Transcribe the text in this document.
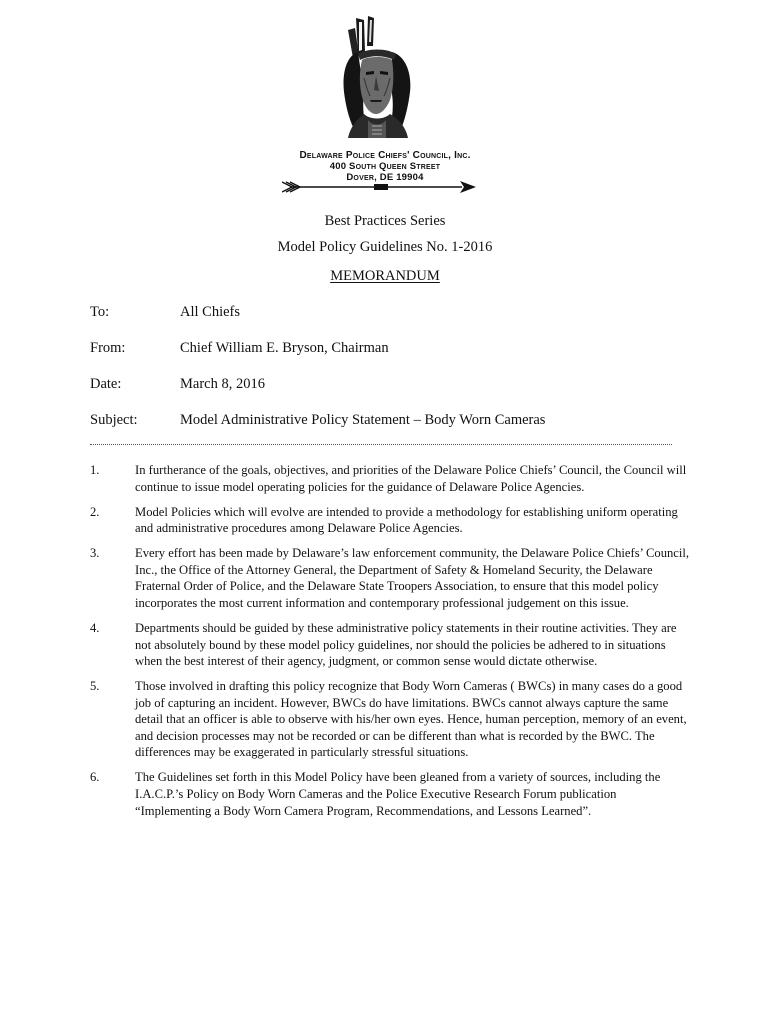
Delaware Police Chiefs' Council, Inc.
400 South Queen Street
Dover, DE 19904
Best Practices Series
Model Policy Guidelines No. 1-2016
MEMORANDUM
To:	All Chiefs
From:	Chief William E. Bryson, Chairman
Date:	March 8, 2016
Subject:	Model Administrative Policy Statement – Body Worn Cameras
1.	In furtherance of the goals, objectives, and priorities of the Delaware Police Chiefs’ Council, the Council will continue to issue model operating policies for the guidance of Delaware Police Agencies.
2.	Model Policies which will evolve are intended to provide a methodology for establishing uniform operating and administrative procedures among Delaware Police Agencies.
3.	Every effort has been made by Delaware’s law enforcement community, the Delaware Police Chiefs’ Council, Inc., the Office of the Attorney General, the Department of Safety & Homeland Security, the Delaware Fraternal Order of Police, and the Delaware State Troopers Association, to ensure that this model policy incorporates the most current information and contemporary professional judgement on this issue.
4.	Departments should be guided by these administrative policy statements in their routine activities. They are not absolutely bound by these model policy guidelines, nor should the policies be adhered to in situations when the best interest of their agency, judgment, or common sense would dictate otherwise.
5.	Those involved in drafting this policy recognize that Body Worn Cameras ( BWCs) in many cases do a good job of capturing an incident. However, BWCs do have limitations. BWCs cannot always capture the same detail that an officer is able to observe with his/her own eyes. Hence, human perception, memory of an event, and decision processes may not be recorded or can be different than what is recorded by the BWC. The differences may be exaggerated in particularly stressful situations.
6.	The Guidelines set forth in this Model Policy have been gleaned from a variety of sources, including the I.A.C.P.’s Policy on Body Worn Cameras and the Police Executive Research Forum publication “Implementing a Body Worn Camera Program, Recommendations, and Lessons Learned”.
